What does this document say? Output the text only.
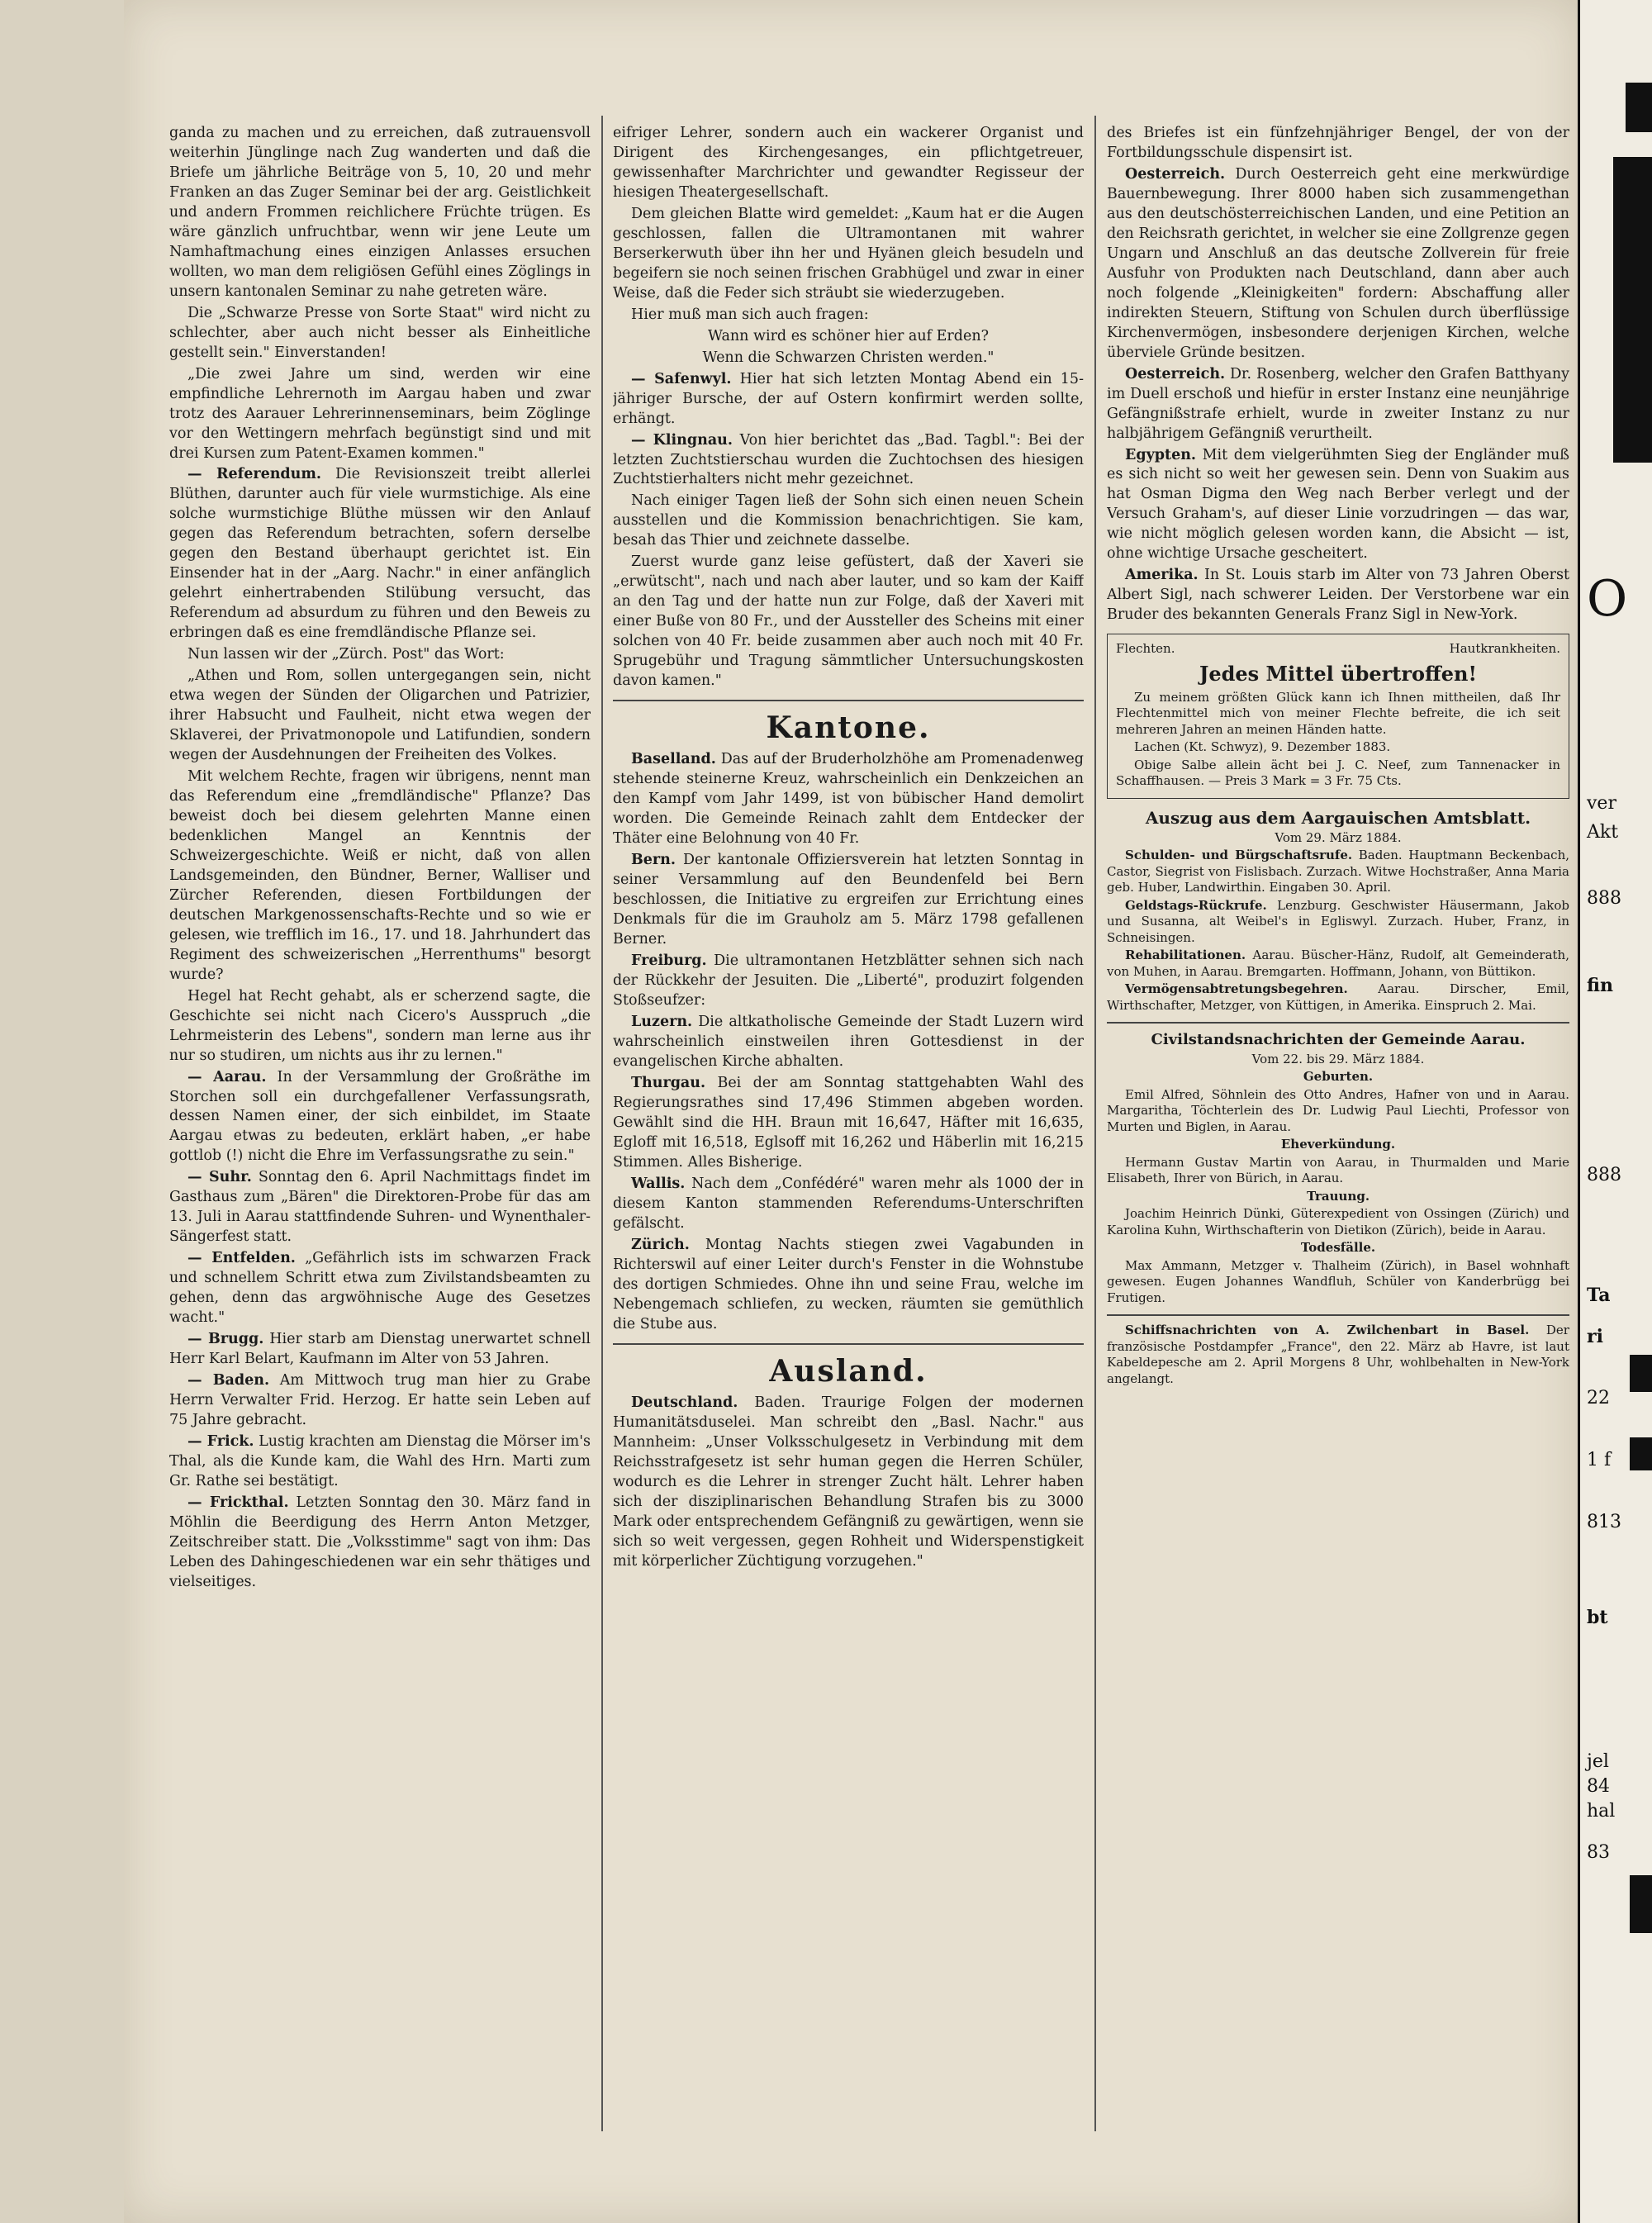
ganda zu machen und zu erreichen, daß zutrauensvoll weiterhin Jünglinge nach Zug wanderten und daß die Briefe um jährliche Beiträge von 5, 10, 20 und mehr Franken an das Zuger Seminar bei der arg. Geistlichkeit und andern Frommen reichlichere Früchte trügen. Es wäre gänzlich unfruchtbar, wenn wir jene Leute um Namhaftmachung eines einzigen Anlasses ersuchen wollten, wo man dem religiösen Gefühl eines Zöglings in unsern kantonalen Seminar zu nahe getreten wäre.

Die „Schwarze Presse von Sorte Staat" wird nicht zu schlechter, aber auch nicht besser als Einheitliche gestellt sein." Einverstanden!

„Die zwei Jahre um sind, werden wir eine empfindliche Lehrernoth im Aargau haben und zwar trotz des Aarauer Lehrerinnenseminars, beim Zöglinge vor den Wettingern mehrfach begünstigt sind und mit drei Kursen zum Patent-Examen kommen."

— Referendum. Die Revisionszeit treibt allerlei Blüthen, darunter auch für viele wurmstichige. Als eine solche wurmstichige Blüthe müssen wir den Anlauf gegen das Referendum betrachten, sofern derselbe gegen den Bestand überhaupt gerichtet ist. Ein Einsender hat in der „Aarg. Nachr." in einer anfänglich gelehrt einhertrabenden Stilübung versucht, das Referendum ad absurdum zu führen und den Beweis zu erbringen daß es eine fremdländische Pflanze sei.

Nun lassen wir der „Zürch. Post" das Wort:

„Athen und Rom, sollen untergegangen sein, nicht etwa wegen der Sünden der Oligarchen und Patrizier, ihrer Habsucht und Faulheit, nicht etwa wegen der Sklaverei, der Privatmonopole und Latifundien, sondern wegen der Ausdehnungen der Freiheiten des Volkes.

Mit welchem Rechte, fragen wir übrigens, nennt man das Referendum eine „fremdländische" Pflanze? Das beweist doch bei diesem gelehrten Manne einen bedenklichen Mangel an Kenntnis der Schweizergeschichte. Weiß er nicht, daß von allen Landsgemeinden, den Bündner, Berner, Walliser und Zürcher Referenden, diesen Fortbildungen der deutschen Markgenossenschafts-Rechte und so wie er gelesen, wie trefflich im 16., 17. und 18. Jahrhundert das Regiment des schweizerischen „Herrenthums" besorgt wurde?

Hegel hat Recht gehabt, als er scherzend sagte, die Geschichte sei nicht nach Cicero's Ausspruch „die Lehrmeisterin des Lebens", sondern man lerne aus ihr nur so studiren, um nichts aus ihr zu lernen."

— Aarau. In der Versammlung der Großräthe im Storchen soll ein durchgefallener Verfassungsrath, dessen Namen einer, der sich einbildet, im Staate Aargau etwas zu bedeuten, erklärt haben, „er habe gottlob (!) nicht die Ehre im Verfassungsrathe zu sein."

— Suhr. Sonntag den 6. April Nachmittags findet im Gasthaus zum „Bären" die Direktoren-Probe für das am 13. Juli in Aarau stattfindende Suhren- und Wynenthaler-Sängerfest statt.

— Entfelden. „Gefährlich ists im schwarzen Frack und schnellem Schritt etwa zum Zivilstandsbeamten zu gehen, denn das argwöhnische Auge des Gesetzes wacht."

— Brugg. Hier starb am Dienstag unerwartet schnell Herr Karl Belart, Kaufmann im Alter von 53 Jahren.

— Baden. Am Mittwoch trug man hier zu Grabe Herrn Verwalter Frid. Herzog. Er hatte sein Leben auf 75 Jahre gebracht.

— Frick. Lustig krachten am Dienstag die Mörser im's Thal, als die Kunde kam, die Wahl des Hrn. Marti zum Gr. Rathe sei bestätigt.

— Frickthal. Letzten Sonntag den 30. März fand in Möhlin die Beerdigung des Herrn Anton Metzger, Zeitschreiber statt. Die „Volksstimme" sagt von ihm: Das Leben des Dahingeschiedenen war ein sehr thätiges und vielseitiges.

eifriger Lehrer, sondern auch ein wackerer Organist und Dirigent des Kirchengesanges, ein pflichtgetreuer, gewissenhafter Marchrichter und gewandter Regisseur der hiesigen Theatergesellschaft.

Dem gleichen Blatte wird gemeldet: „Kaum hat er die Augen geschlossen, fallen die Ultramontanen mit wahrer Berserkerwuth über ihn her und Hyänen gleich besudeln und begeifern sie noch seinen frischen Grabhügel und zwar in einer Weise, daß die Feder sich sträubt sie wiederzugeben.

Hier muß man sich auch fragen:

Wann wird es schöner hier auf Erden?

Wenn die Schwarzen Christen werden."

— Safenwyl. Hier hat sich letzten Montag Abend ein 15-jähriger Bursche, der auf Ostern konfirmirt werden sollte, erhängt.

— Klingnau. Von hier berichtet das „Bad. Tagbl.": Bei der letzten Zuchtstierschau wurden die Zuchtochsen des hiesigen Zuchtstierhalters nicht mehr gezeichnet.

Nach einiger Tagen ließ der Sohn sich einen neuen Schein ausstellen und die Kommission benachrichtigen. Sie kam, besah das Thier und zeichnete dasselbe.

Zuerst wurde ganz leise gefüstert, daß der Xaveri sie „erwütscht", nach und nach aber lauter, und so kam der Kaiff an den Tag und der hatte nun zur Folge, daß der Xaveri mit einer Buße von 80 Fr., und der Aussteller des Scheins mit einer solchen von 40 Fr. beide zusammen aber auch noch mit 40 Fr. Sprugebühr und Tragung sämmtlicher Untersuchungskosten davon kamen."

Kantone.

Baselland. Das auf der Bruderholzhöhe am Promenadenweg stehende steinerne Kreuz, wahrscheinlich ein Denkzeichen an den Kampf vom Jahr 1499, ist von bübischer Hand demolirt worden. Die Gemeinde Reinach zahlt dem Entdecker der Thäter eine Belohnung von 40 Fr.

Bern. Der kantonale Offiziersverein hat letzten Sonntag in seiner Versammlung auf den Beundenfeld bei Bern beschlossen, die Initiative zu ergreifen zur Errichtung eines Denkmals für die im Grauholz am 5. März 1798 gefallenen Berner.

Freiburg. Die ultramontanen Hetzblätter sehnen sich nach der Rückkehr der Jesuiten. Die „Liberté", produzirt folgenden Stoßseufzer:

Luzern. Die altkatholische Gemeinde der Stadt Luzern wird wahrscheinlich einstweilen ihren Gottesdienst in der evangelischen Kirche abhalten.

Thurgau. Bei der am Sonntag stattgehabten Wahl des Regierungsrathes sind 17,496 Stimmen abgeben worden. Gewählt sind die HH. Braun mit 16,647, Häfter mit 16,635, Egloff mit 16,518, Eglsoff mit 16,262 und Häberlin mit 16,215 Stimmen. Alles Bisherige.

Wallis. Nach dem „Confédéré" waren mehr als 1000 der in diesem Kanton stammenden Referendums-Unterschriften gefälscht.

Zürich. Montag Nachts stiegen zwei Vagabunden in Richterswil auf einer Leiter durch's Fenster in die Wohnstube des dortigen Schmiedes. Ohne ihn und seine Frau, welche im Nebengemach schliefen, zu wecken, räumten sie gemüthlich die Stube aus.

Ausland.

Deutschland. Baden. Traurige Folgen der modernen Humanitätsduselei. Man schreibt den „Basl. Nachr." aus Mannheim: „Unser Volksschulgesetz in Verbindung mit dem Reichsstrafgesetz ist sehr human gegen die Herren Schüler, wodurch es die Lehrer in strenger Zucht hält. Lehrer haben sich der disziplinarischen Behandlung Strafen bis zu 3000 Mark oder entsprechendem Gefängniß zu gewärtigen, wenn sie sich so weit vergessen, gegen Rohheit und Widerspenstigkeit mit körperlicher Züchtigung vorzugehen."

des Briefes ist ein fünfzehnjähriger Bengel, der von der Fortbildungsschule dispensirt ist.

Oesterreich. Durch Oesterreich geht eine merkwürdige Bauernbewegung. Ihrer 8000 haben sich zusammengethan aus den deutschösterreichischen Landen, und eine Petition an den Reichsrath gerichtet, in welcher sie eine Zollgrenze gegen Ungarn und Anschluß an das deutsche Zollverein für freie Ausfuhr von Produkten nach Deutschland, dann aber auch noch folgende „Kleinigkeiten" fordern: Abschaffung aller indirekten Steuern, Stiftung von Schulen durch überflüssige Kirchenvermögen, insbesondere derjenigen Kirchen, welche überviele Gründe besitzen.

Oesterreich. Dr. Rosenberg, welcher den Grafen Batthyany im Duell erschoß und hiefür in erster Instanz eine neunjährige Gefängnißstrafe erhielt, wurde in zweiter Instanz zu nur halbjährigem Gefängniß verurtheilt.

Egypten. Mit dem vielgerühmten Sieg der Engländer muß es sich nicht so weit her gewesen sein. Denn von Suakim aus hat Osman Digma den Weg nach Berber verlegt und der Versuch Graham's, auf dieser Linie vorzudringen — das war, wie nicht möglich gelesen worden kann, die Absicht — ist, ohne wichtige Ursache gescheitert.

Amerika. In St. Louis starb im Alter von 73 Jahren Oberst Albert Sigl, nach schwerer Leiden. Der Verstorbene war ein Bruder des bekannten Generals Franz Sigl in New-York.

Flechten.	Hautkrankheiten.

Jedes Mittel übertroffen!

Zu meinem größten Glück kann ich Ihnen mittheilen, daß Ihr Flechtenmittel mich von meiner Flechte befreite, die ich seit mehreren Jahren an meinen Händen hatte.

Lachen (Kt. Schwyz), 9. Dezember 1883.

Obige Salbe allein ächt bei J. C. Neef, zum Tannenacker in Schaffhausen. — Preis 3 Mark = 3 Fr. 75 Cts.

Auszug aus dem Aargauischen Amtsblatt.

Vom 29. März 1884.

Schulden- und Bürgschaftsrufe. Baden. Hauptmann Beckenbach, Castor, Siegrist von Fislisbach. Zurzach. Witwe Hochstraßer, Anna Maria geb. Huber, Landwirthin. Eingaben 30. April.

Geldstags-Rückrufe. Lenzburg. Geschwister Häusermann, Jakob und Susanna, alt Weibel's in Egliswyl. Zurzach. Huber, Franz, in Schneisingen.

Rehabilitationen. Aarau. Büscher-Hänz, Rudolf, alt Gemeinderath, von Muhen, in Aarau. Bremgarten. Hoffmann, Johann, von Büttikon.

Vermögensabtretungsbegehren. Aarau. Dirscher, Emil, Wirthschafter, Metzger, von Küttigen, in Amerika. Einspruch 2. Mai.

Civilstandsnachrichten der Gemeinde Aarau.

Vom 22. bis 29. März 1884.

Geburten.

Emil Alfred, Söhnlein des Otto Andres, Hafner von und in Aarau. Margaritha, Töchterlein des Dr. Ludwig Paul Liechti, Professor von Murten und Biglen, in Aarau.

Eheverkündung.

Hermann Gustav Martin von Aarau, in Thurmalden und Marie Elisabeth, Ihrer von Bürich, in Aarau.

Trauung.

Joachim Heinrich Dünki, Güterexpedient von Ossingen (Zürich) und Karolina Kuhn, Wirthschafterin von Dietikon (Zürich), beide in Aarau.

Todesfälle.

Max Ammann, Metzger v. Thalheim (Zürich), in Basel wohnhaft gewesen. Eugen Johannes Wandfluh, Schüler von Kanderbrügg bei Frutigen.

Schiffsnachrichten von A. Zwilchenbart in Basel. Der französische Postdampfer „France", den 22. März ab Havre, ist laut Kabeldepesche am 2. April Morgens 8 Uhr, wohlbehalten in New-York angelangt.

O
ver
Akt
888
fin
888
Ta
ri
22
1 f
813
bt
jel
84
hal
83
